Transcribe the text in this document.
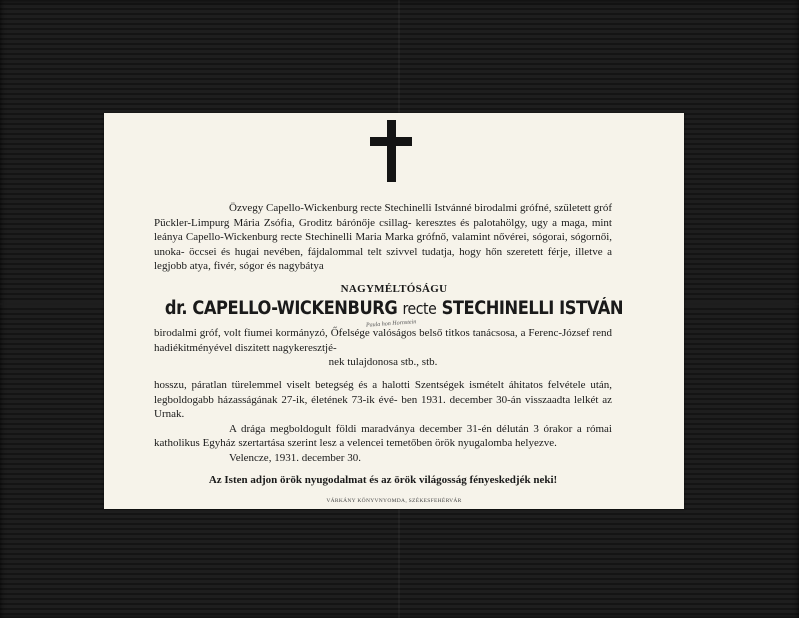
Özvegy Capello-Wickenburg recte Stechinelli Istvánné birodalmi grófné, született gróf Pückler-Limpurg Mária Zsófia, Groditz bárónője csillag- keresztes és palotahölgy, ugy a maga, mint leánya Capello-Wickenburg recte Stechinelli Maria Marka grófnő, valamint nővérei, sógorai, sógornői, unoka- öccsei és hugai nevében, fájdalommal telt szivvel tudatja, hogy hőn szeretett férje, illetve a legjobb atya, fivér, sógor és nagybátya
NAGYMÉLTÓSÁGU
dr. CAPELLO-WICKENBURG recte STECHINELLI ISTVÁN
Paula hon Hornstein
birodalmi gróf, volt fiumei kormányzó, Őfelsége valóságos belső titkos tanácsosa, a Ferenc-József rend hadiékitményével diszitett nagykeresztjé-
nek tulajdonosa stb., stb.
hosszu, páratlan türelemmel viselt betegség és a halotti Szentségek ismételt áhitatos felvétele után, legboldogabb házasságának 27-ik, életének 73-ik évé- ben 1931. december 30-án visszaadta lelkét az Urnak.
A drága megboldogult földi maradványa december 31-én délután 3 órakor a római katholikus Egyház szertartása szerint lesz a velencei temetőben örök nyugalomba helyezve.
Velencze, 1931. december 30.
Az Isten adjon örök nyugodalmat és az örök világosság fényeskedjék neki!
VÁRKÁNY KÖNYVNYOMDA, SZÉKESFEHÉRVÁR
